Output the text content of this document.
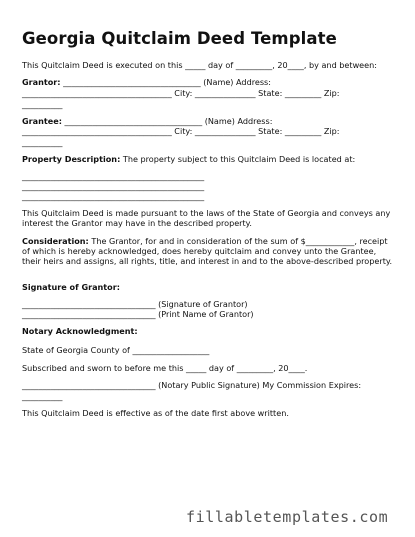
Georgia Quitclaim Deed Template
This Quitclaim Deed is executed on this _____ day of _________, 20____, by and between:
Grantor: __________________________________ (Name) Address:
_____________________________________ City: _______________ State: _________ Zip:
__________
Grantee: __________________________________ (Name) Address:
_____________________________________ City: _______________ State: _________ Zip:
__________
Property Description: The property subject to this Quitclaim Deed is located at:
_____________________________________________
_____________________________________________
_____________________________________________
This Quitclaim Deed is made pursuant to the laws of the State of Georgia and conveys any interest the Grantor may have in the described property.
Consideration: The Grantor, for and in consideration of the sum of $____________, receipt of which is hereby acknowledged, does hereby quitclaim and convey unto the Grantee, their heirs and assigns, all rights, title, and interest in and to the above-described property.
Signature of Grantor:
_________________________________ (Signature of Grantor)
_________________________________ (Print Name of Grantor)
Notary Acknowledgment:
State of Georgia County of ___________________
Subscribed and sworn to before me this _____ day of _________, 20____.
_________________________________ (Notary Public Signature) My Commission Expires:
__________
This Quitclaim Deed is effective as of the date first above written.
fillabletemplates.com
